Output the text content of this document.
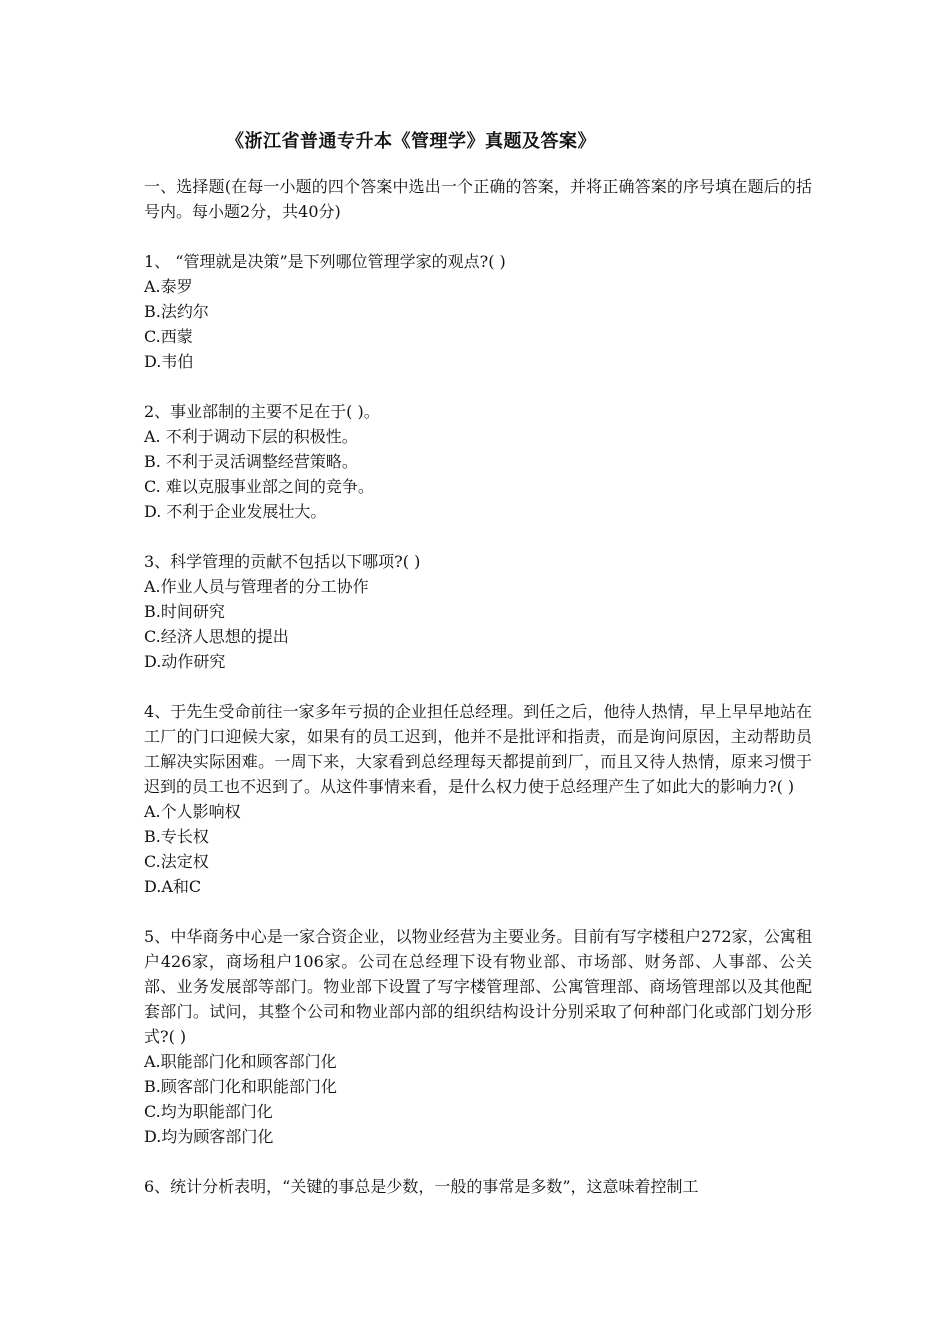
《浙江省普通专升本《管理学》真题及答案》

一、选择题(在每一小题的四个答案中选出一个正确的答案，并将正确答案的序号填在题后的括号内。每小题2分，共40分)

1、 “管理就是决策”是下列哪位管理学家的观点?( )

A.泰罗

B.法约尔

C.西蒙

D.韦伯

2、事业部制的主要不足在于( )。

A. 不利于调动下层的积极性。

B. 不利于灵活调整经营策略。

C. 难以克服事业部之间的竞争。

D. 不利于企业发展壮大。

3、科学管理的贡献不包括以下哪项?( )

A.作业人员与管理者的分工协作

B.时间研究

C.经济人思想的提出

D.动作研究

4、于先生受命前往一家多年亏损的企业担任总经理。到任之后，他待人热情，早上早早地站在工厂的门口迎候大家，如果有的员工迟到，他并不是批评和指责，而是询问原因，主动帮助员工解决实际困难。一周下来，大家看到总经理每天都提前到厂，而且又待人热情，原来习惯于迟到的员工也不迟到了。从这件事情来看，是什么权力使于总经理产生了如此大的影响力?( )

A.个人影响权

B.专长权

C.法定权

D.A和C

5、中华商务中心是一家合资企业，以物业经营为主要业务。目前有写字楼租户272家，公寓租户426家，商场租户106家。公司在总经理下设有物业部、市场部、财务部、人事部、公关部、业务发展部等部门。物业部下设置了写字楼管理部、公寓管理部、商场管理部以及其他配套部门。试问，其整个公司和物业部内部的组织结构设计分别采取了何种部门化或部门划分形式?( )

A.职能部门化和顾客部门化

B.顾客部门化和职能部门化

C.均为职能部门化

D.均为顾客部门化

6、统计分析表明，“关键的事总是少数，一般的事常是多数”，这意味着控制工
